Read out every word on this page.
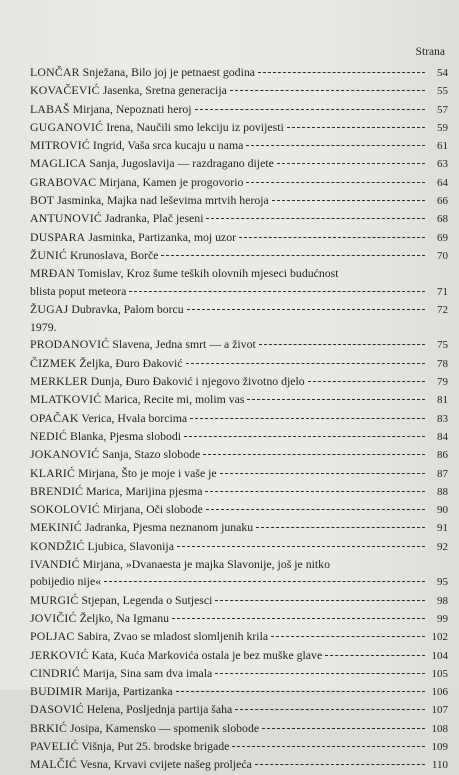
Strana
LONČAR Snježana, Bilo joj je petnaest godina	54
KOVAČEVIĆ Jasenka, Sretna generacija	55
LABAŠ Mirjana, Nepoznati heroj	57
GUGANOVIĆ Irena, Naučili smo lekciju iz povijesti	59
MITROVIĆ Ingrid, Vaša srca kucaju u nama	61
MAGLICA Sanja, Jugoslavija — razdragano dijete	63
GRABOVAC Mirjana, Kamen je progovorio	64
BOT Jasminka, Majka nad leševima mrtvih heroja	66
ANTUNOVIĆ Jadranka, Plač jeseni	68
DUSPARA Jasminka, Partizanka, moj uzor	69
ŽUNIĆ Krunoslava, Borče	70
MRĐAN Tomislav, Kroz šume teških olovnih mjeseci budućnost
blista poput meteora	71
ŽUGAJ Dubravka, Palom borcu	72
1979.
PRODANOVIĆ Slavena, Jedna smrt — a život	75
ČIZMEK Željka, Đuro Đaković	78
MERKLER Dunja, Đuro Đaković i njegovo životno djelo	79
MLATKOVIĆ Marica, Recite mi, molim vas	81
OPAČAK Verica, Hvala borcima	83
NEDIĆ Blanka, Pjesma slobodi	84
JOKANOVIĆ Sanja, Stazo slobode	86
KLARIĆ Mirjana, Što je moje i vaše je	87
BRENDIĆ Marica, Marijina pjesma	88
SOKOLOVIĆ Mirjana, Oči slobode	90
MEKINIĆ Jadranka, Pjesma neznanom junaku	91
KONDŽIĆ Ljubica, Slavonija	92
IVANDIĆ Mirjana, »Dvanaesta je majka Slavonije, još je nitko
pobijedio nije«	95
MURGIĆ Stjepan, Legenda o Sutjesci	98
JOVIČIĆ Željko, Na Igmanu	99
POLJAC Sabira, Zvao se mladost slomljenih krila	102
JERKOVIĆ Kata, Kuća Markovića ostala je bez muške glave	104
CINDRIĆ Marija, Sina sam dva imala	105
BUDIMIR Marija, Partizanka	106
DASOVIĆ Helena, Posljednja partija šaha	107
BRKIĆ Josipa, Kamensko — spomenik slobode	108
PAVELIĆ Višnja, Put 25. brodske brigade	109
MALČIĆ Vesna, Krvavi cvijete našeg proljeća	110
